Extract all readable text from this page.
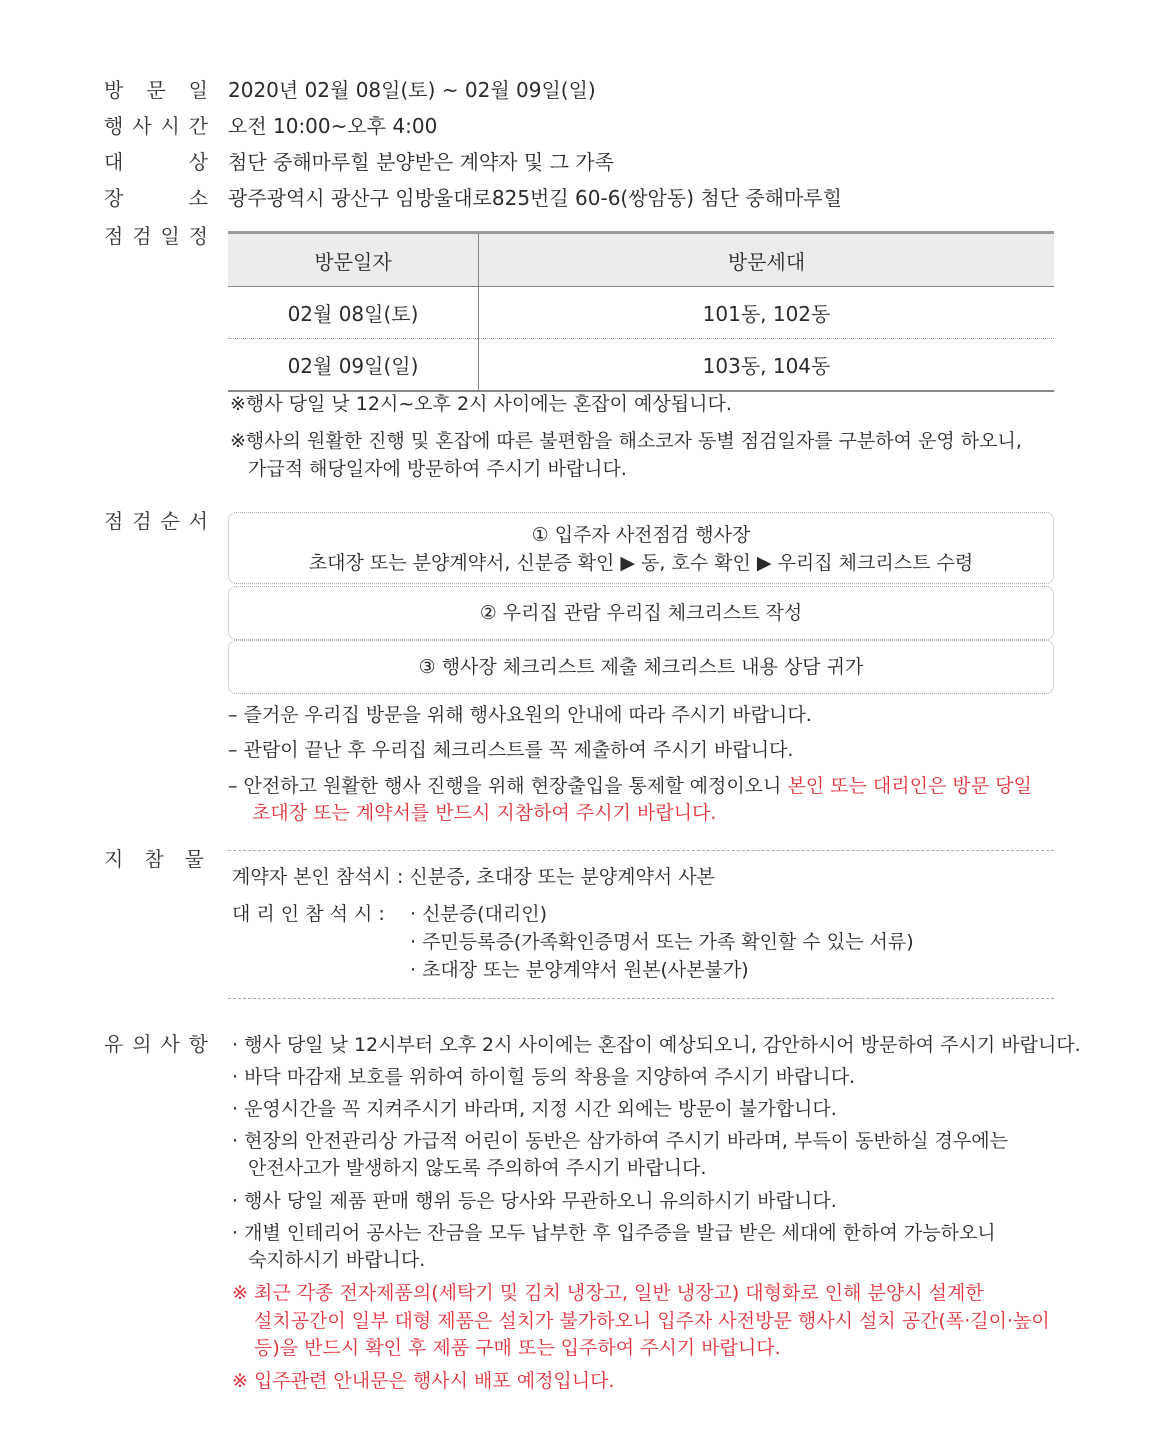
방 문 일 2020년 02월 08일(토) ~ 02월 09일(일)
행 사 시 간 오전 10:00~오후 4:00
대	상 첨단 중해마루힐 분양받은 계약자 및 그 가족
장	소 광주광역시 광산구 임방울대로825번길 60-6(쌍암동) 첨단 중해마루힐
점 검 일 정
방문일자	방문세대
02월 08일(토)	101동, 102동
02월 09일(일)	103동, 104동
※행사 당일 낮 12시~오후 2시 사이에는 혼잡이 예상됩니다.
※행사의 원활한 진행 및 혼잡에 따른 불편함을 해소코자 동별 점검일자를 구분하여 운영 하오니,
가급적 해당일자에 방문하여 주시기 바랍니다.
점 검 순 서
① 입주자 사전점검 행사장
초대장 또는 분양계약서, 신분증 확인 ▶ 동, 호수 확인 ▶ 우리집 체크리스트 수령
② 우리집 관람 우리집 체크리스트 작성
③ 행사장 체크리스트 제출 체크리스트 내용 상담 귀가
– 즐거운 우리집 방문을 위해 행사요원의 안내에 따라 주시기 바랍니다.
– 관람이 끝난 후 우리집 체크리스트를 꼭 제출하여 주시기 바랍니다.
– 안전하고 원활한 행사 진행을 위해 현장출입을 통제할 예정이오니 본인 또는 대리인은 방문 당일
초대장 또는 계약서를 반드시 지참하여 주시기 바랍니다.
지 참 물
계약자 본인 참석시 : 신분증, 초대장 또는 분양계약서 사본
대 리 인 참 석 시 : · 신분증(대리인)
· 주민등록증(가족확인증명서 또는 가족 확인할 수 있는 서류)
· 초대장 또는 분양계약서 원본(사본불가)
유 의 사 항 · 행사 당일 낮 12시부터 오후 2시 사이에는 혼잡이 예상되오니, 감안하시어 방문하여 주시기 바랍니다.
· 바닥 마감재 보호를 위하여 하이힐 등의 착용을 지양하여 주시기 바랍니다.
· 운영시간을 꼭 지켜주시기 바라며, 지정 시간 외에는 방문이 불가합니다.
· 현장의 안전관리상 가급적 어린이 동반은 삼가하여 주시기 바라며, 부득이 동반하실 경우에는
안전사고가 발생하지 않도록 주의하여 주시기 바랍니다.
· 행사 당일 제품 판매 행위 등은 당사와 무관하오니 유의하시기 바랍니다.
· 개별 인테리어 공사는 잔금을 모두 납부한 후 입주증을 발급 받은 세대에 한하여 가능하오니
숙지하시기 바랍니다.
※ 최근 각종 전자제품의(세탁기 및 김치 냉장고, 일반 냉장고) 대형화로 인해 분양시 설계한
설치공간이 일부 대형 제품은 설치가 불가하오니 입주자 사전방문 행사시 설치 공간(폭·길이·높이
등)을 반드시 확인 후 제품 구매 또는 입주하여 주시기 바랍니다.
※ 입주관련 안내문은 행사시 배포 예정입니다.
